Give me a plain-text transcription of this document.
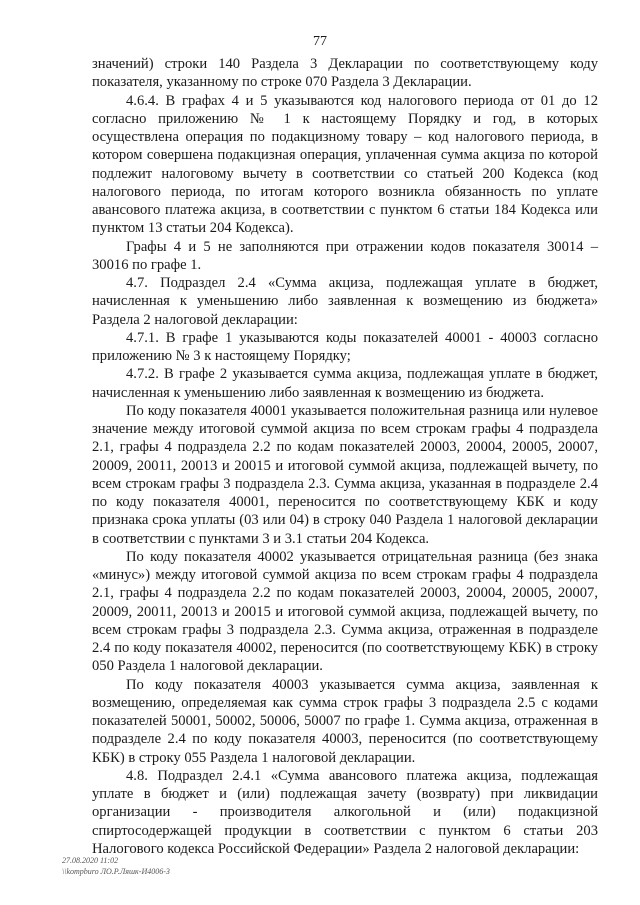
77

значений) строки 140 Раздела 3 Декларации по соответствующему коду показателя, указанному по строке 070 Раздела 3 Декларации.

4.6.4. В графах 4 и 5 указываются код налогового периода от 01 до 12 согласно приложению № 1 к настоящему Порядку и год, в которых осуществлена операция по подакцизному товару – код налогового периода, в котором совершена подакцизная операция, уплаченная сумма акциза по которой подлежит налоговому вычету в соответствии со статьей 200 Кодекса (код налогового периода, по итогам которого возникла обязанность по уплате авансового платежа акциза, в соответствии с пунктом 6 статьи 184 Кодекса или пунктом 13 статьи 204 Кодекса).

Графы 4 и 5 не заполняются при отражении кодов показателя 30014 – 30016 по графе 1.

4.7. Подраздел 2.4 «Сумма акциза, подлежащая уплате в бюджет, начисленная к уменьшению либо заявленная к возмещению из бюджета» Раздела 2 налоговой декларации:

4.7.1. В графе 1 указываются коды показателей 40001 - 40003 согласно приложению № 3 к настоящему Порядку;

4.7.2. В графе 2 указывается сумма акциза, подлежащая уплате в бюджет, начисленная к уменьшению либо заявленная к возмещению из бюджета.

По коду показателя 40001 указывается положительная разница или нулевое значение между итоговой суммой акциза по всем строкам графы 4 подраздела 2.1, графы 4 подраздела 2.2 по кодам показателей 20003, 20004, 20005, 20007, 20009, 20011, 20013 и 20015 и итоговой суммой акциза, подлежащей вычету, по всем строкам графы 3 подраздела 2.3. Сумма акциза, указанная в подразделе 2.4 по коду показателя 40001, переносится по соответствующему КБК и коду признака срока уплаты (03 или 04) в строку 040 Раздела 1 налоговой декларации в соответствии с пунктами 3 и 3.1 статьи 204 Кодекса.

По коду показателя 40002 указывается отрицательная разница (без знака «минус») между итоговой суммой акциза по всем строкам графы 4 подраздела 2.1, графы 4 подраздела 2.2 по кодам показателей 20003, 20004, 20005, 20007, 20009, 20011, 20013 и 20015 и итоговой суммой акциза, подлежащей вычету, по всем строкам графы 3 подраздела 2.3. Сумма акциза, отраженная в подразделе 2.4 по коду показателя 40002, переносится (по соответствующему КБК) в строку 050 Раздела 1 налоговой декларации.

По коду показателя 40003 указывается сумма акциза, заявленная к возмещению, определяемая как сумма строк графы 3 подраздела 2.5 с кодами показателей 50001, 50002, 50006, 50007 по графе 1. Сумма акциза, отраженная в подразделе 2.4 по коду показателя 40003, переносится (по соответствующему КБК) в строку 055 Раздела 1 налоговой декларации.

4.8. Подраздел 2.4.1 «Сумма авансового платежа акциза, подлежащая уплате в бюджет и (или) подлежащая зачету (возврату) при ликвидации организации - производителя алкогольной и (или) подакцизной спиртосодержащей продукции в соответствии с пунктом 6 статьи 203 Налогового кодекса Российской Федерации» Раздела 2 налоговой декларации:

27.08.2020 11:02
\\kompburo ЛО.Р.Ляшк-И4006-3
